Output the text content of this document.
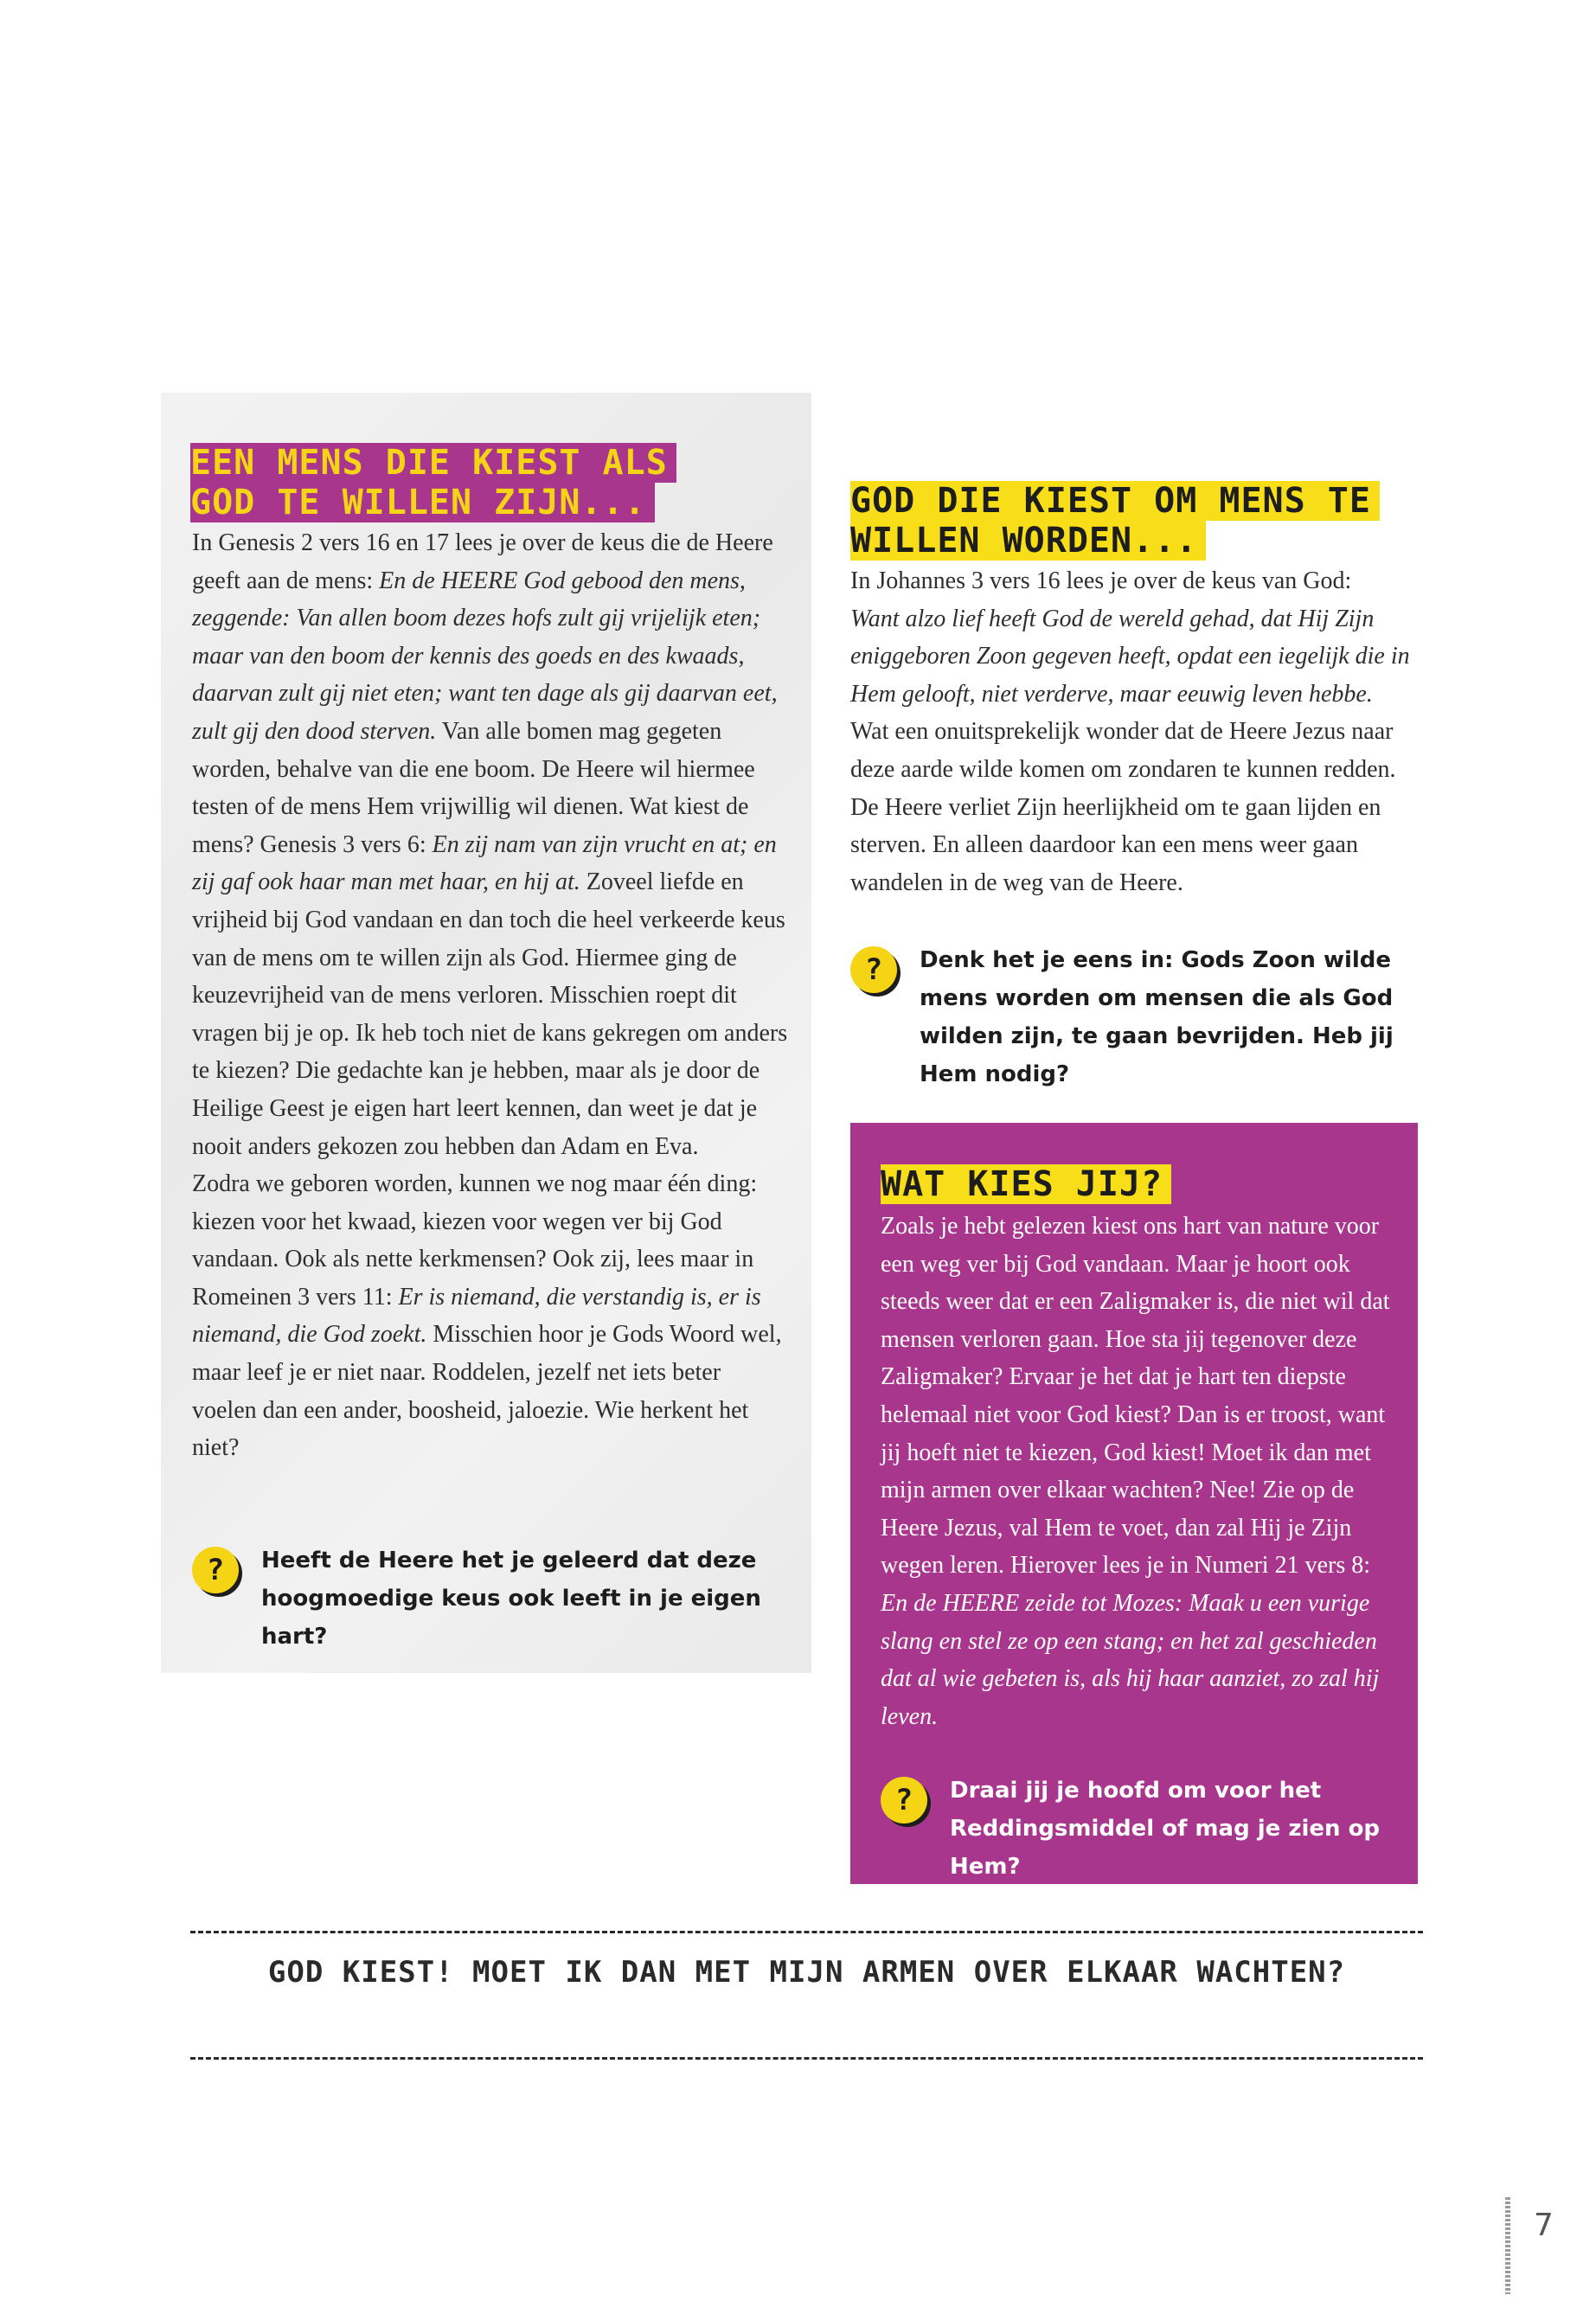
EEN MENS DIE KIEST ALS GOD TE WILLEN ZIJN...

In Genesis 2 vers 16 en 17 lees je over de keus die de Heere geeft aan de mens: En de HEERE God gebood den mens, zeggende: Van allen boom dezes hofs zult gij vrijelijk eten; maar van den boom der kennis des goeds en des kwaads, daarvan zult gij niet eten; want ten dage als gij daarvan eet, zult gij den dood sterven. Van alle bomen mag gegeten worden, behalve van die ene boom. De Heere wil hiermee testen of de mens Hem vrijwillig wil dienen. Wat kiest de mens? Genesis 3 vers 6: En zij nam van zijn vrucht en at; en zij gaf ook haar man met haar, en hij at. Zoveel liefde en vrijheid bij God vandaan en dan toch die heel verkeerde keus van de mens om te willen zijn als God. Hiermee ging de keuzevrijheid van de mens verloren. Misschien roept dit vragen bij je op. Ik heb toch niet de kans gekregen om anders te kiezen? Die gedachte kan je hebben, maar als je door de Heilige Geest je eigen hart leert kennen, dan weet je dat je nooit anders gekozen zou hebben dan Adam en Eva.

Zodra we geboren worden, kunnen we nog maar één ding: kiezen voor het kwaad, kiezen voor wegen ver bij God vandaan. Ook als nette kerkmensen? Ook zij, lees maar in Romeinen 3 vers 11: Er is niemand, die verstandig is, er is niemand, die God zoekt. Misschien hoor je Gods Woord wel, maar leef je er niet naar. Roddelen, jezelf net iets beter voelen dan een ander, boosheid, jaloezie. Wie herkent het niet?

?	Heeft de Heere het je geleerd dat deze hoogmoedige keus ook leeft in je eigen hart?
GOD DIE KIEST OM MENS TE WILLEN WORDEN...

In Johannes 3 vers 16 lees je over de keus van God:

Want alzo lief heeft God de wereld gehad, dat Hij Zijn eniggeboren Zoon gegeven heeft, opdat een iegelijk die in Hem gelooft, niet verderve, maar eeuwig leven hebbe.

Wat een onuitsprekelijk wonder dat de Heere Jezus naar deze aarde wilde komen om zondaren te kunnen redden. De Heere verliet Zijn heerlijkheid om te gaan lijden en sterven. En alleen daardoor kan een mens weer gaan wandelen in de weg van de Heere.

?	Denk het je eens in: Gods Zoon wilde mens worden om mensen die als God wilden zijn, te gaan bevrijden. Heb jij Hem nodig?
WAT KIES JIJ?

Zoals je hebt gelezen kiest ons hart van nature voor een weg ver bij God vandaan. Maar je hoort ook steeds weer dat er een Zaligmaker is, die niet wil dat mensen verloren gaan. Hoe sta jij tegenover deze Zaligmaker? Ervaar je het dat je hart ten diepste helemaal niet voor God kiest? Dan is er troost, want jij hoeft niet te kiezen, God kiest! Moet ik dan met mijn armen over elkaar wachten? Nee! Zie op de Heere Jezus, val Hem te voet, dan zal Hij je Zijn wegen leren. Hierover lees je in Numeri 21 vers 8: En de HEERE zeide tot Mozes: Maak u een vurige slang en stel ze op een stang; en het zal geschieden dat al wie gebeten is, als hij haar aanziet, zo zal hij leven.

?	Draai jij je hoofd om voor het Reddingsmiddel of mag je zien op Hem?
GOD KIEST! MOET IK DAN MET MIJN ARMEN OVER ELKAAR WACHTEN?
7
